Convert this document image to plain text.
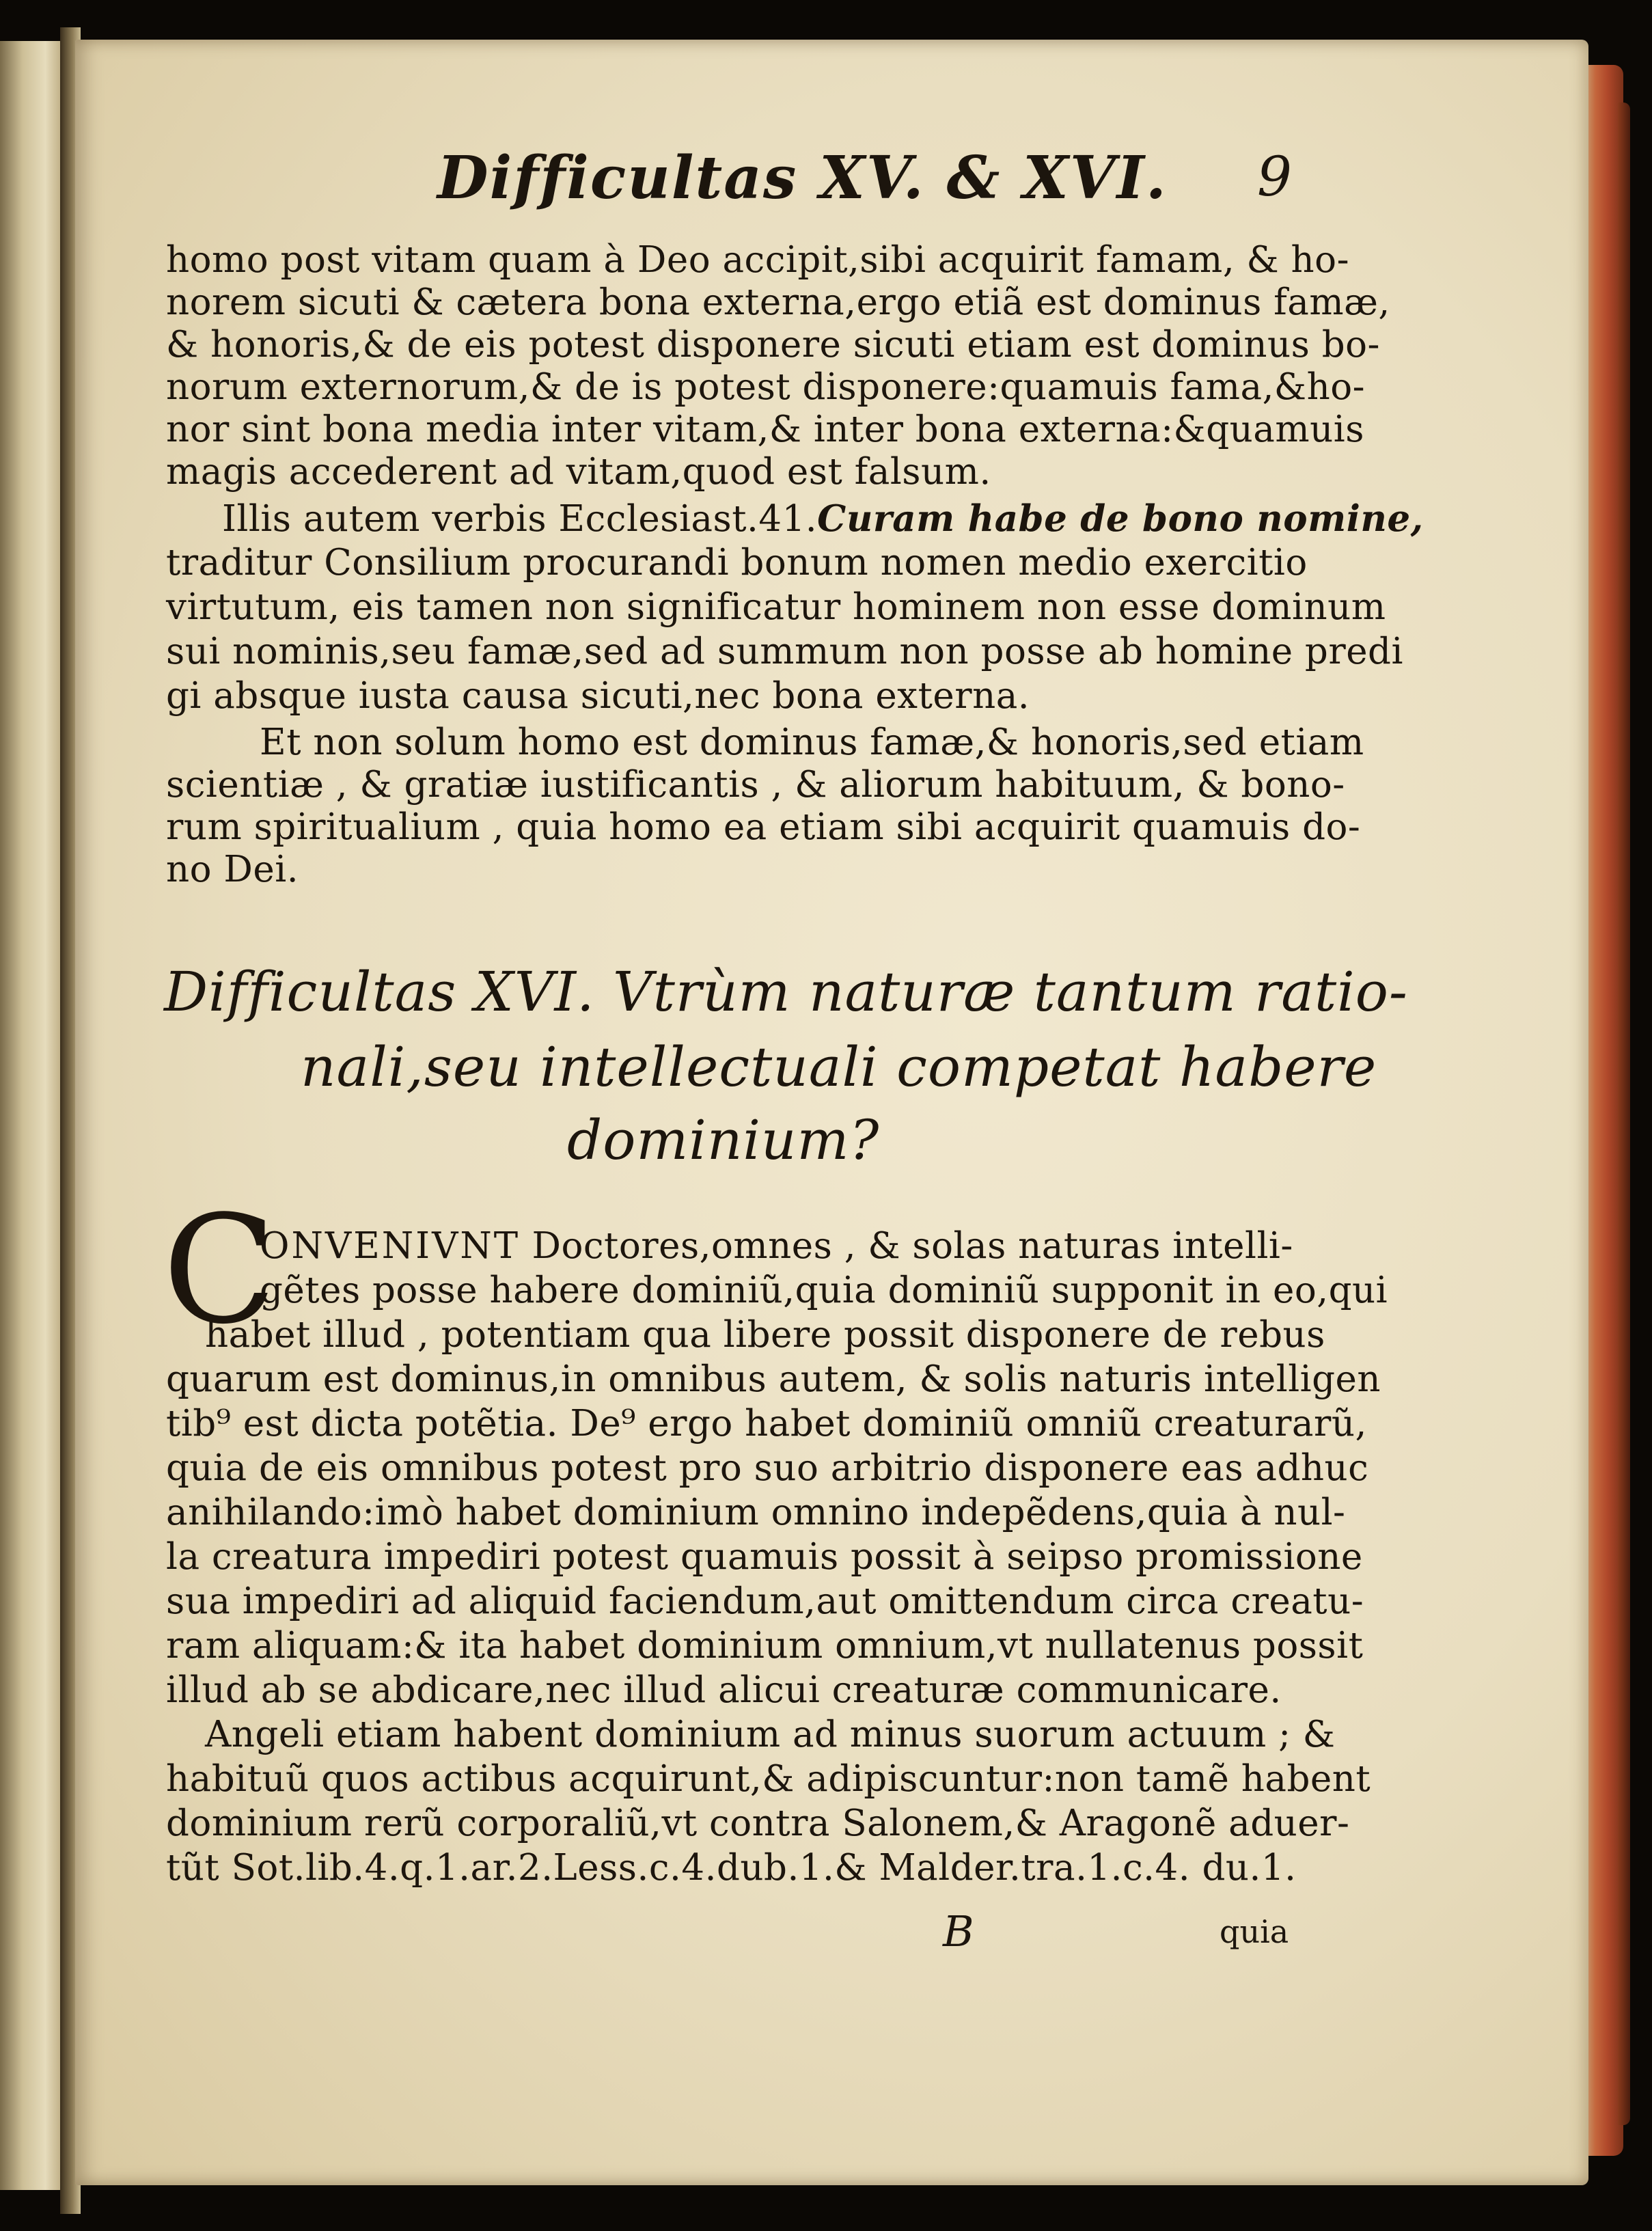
Difficultas XV. & XVI. 9
homo post vitam quam à Deo accipit,sibi acquirit famam, & ho-
norem sicuti & cætera bona externa,ergo etiã est dominus famæ,
& honoris,& de eis potest disponere sicuti etiam est dominus bo-
norum externorum,& de is potest disponere:quamuis fama,&ho-
nor sint bona media inter vitam,& inter bona externa:&quamuis
magis accederent ad vitam,quod est falsum.
Illis autem verbis Ecclesiast.41.Curam habe de bono nomine,
traditur Consilium procurandi bonum nomen medio exercitio
virtutum, eis tamen non significatur hominem non esse dominum
sui nominis,seu famæ,sed ad summum non posse ab homine predi
gi absque iusta causa sicuti,nec bona externa.
Et non solum homo est dominus famæ,& honoris,sed etiam
scientiæ , & gratiæ iustificantis , & aliorum habituum, & bono-
rum spiritualium , quia homo ea etiam sibi acquirit quamuis do-
no Dei.
Difficultas XVI. Vtrùm naturæ tantum ratio-
nali,seu intellectuali competat habere
dominium?
C
ONVENIVNT Doctores,omnes , & solas naturas intelli-
gẽtes posse habere dominiũ,quia dominiũ supponit in eo,qui
habet illud , potentiam qua libere possit disponere de rebus
quarum est dominus,in omnibus autem, & solis naturis intelligen
tib⁹ est dicta potẽtia. De⁹ ergo habet dominiũ omniũ creaturarũ,
quia de eis omnibus potest pro suo arbitrio disponere eas adhuc
anihilando:imò habet dominium omnino indepẽdens,quia à nul-
la creatura impediri potest quamuis possit à seipso promissione
sua impediri ad aliquid faciendum,aut omittendum circa creatu-
ram aliquam:& ita habet dominium omnium,vt nullatenus possit
illud ab se abdicare,nec illud alicui creaturæ communicare.
Angeli etiam habent dominium ad minus suorum actuum ; &
habituũ quos actibus acquirunt,& adipiscuntur:non tamẽ habent
dominium rerũ corporaliũ,vt contra Salonem,& Aragonẽ aduer-
tũt Sot.lib.4.q.1.ar.2.Less.c.4.dub.1.& Malder.tra.1.c.4. du.1.
B	quia
